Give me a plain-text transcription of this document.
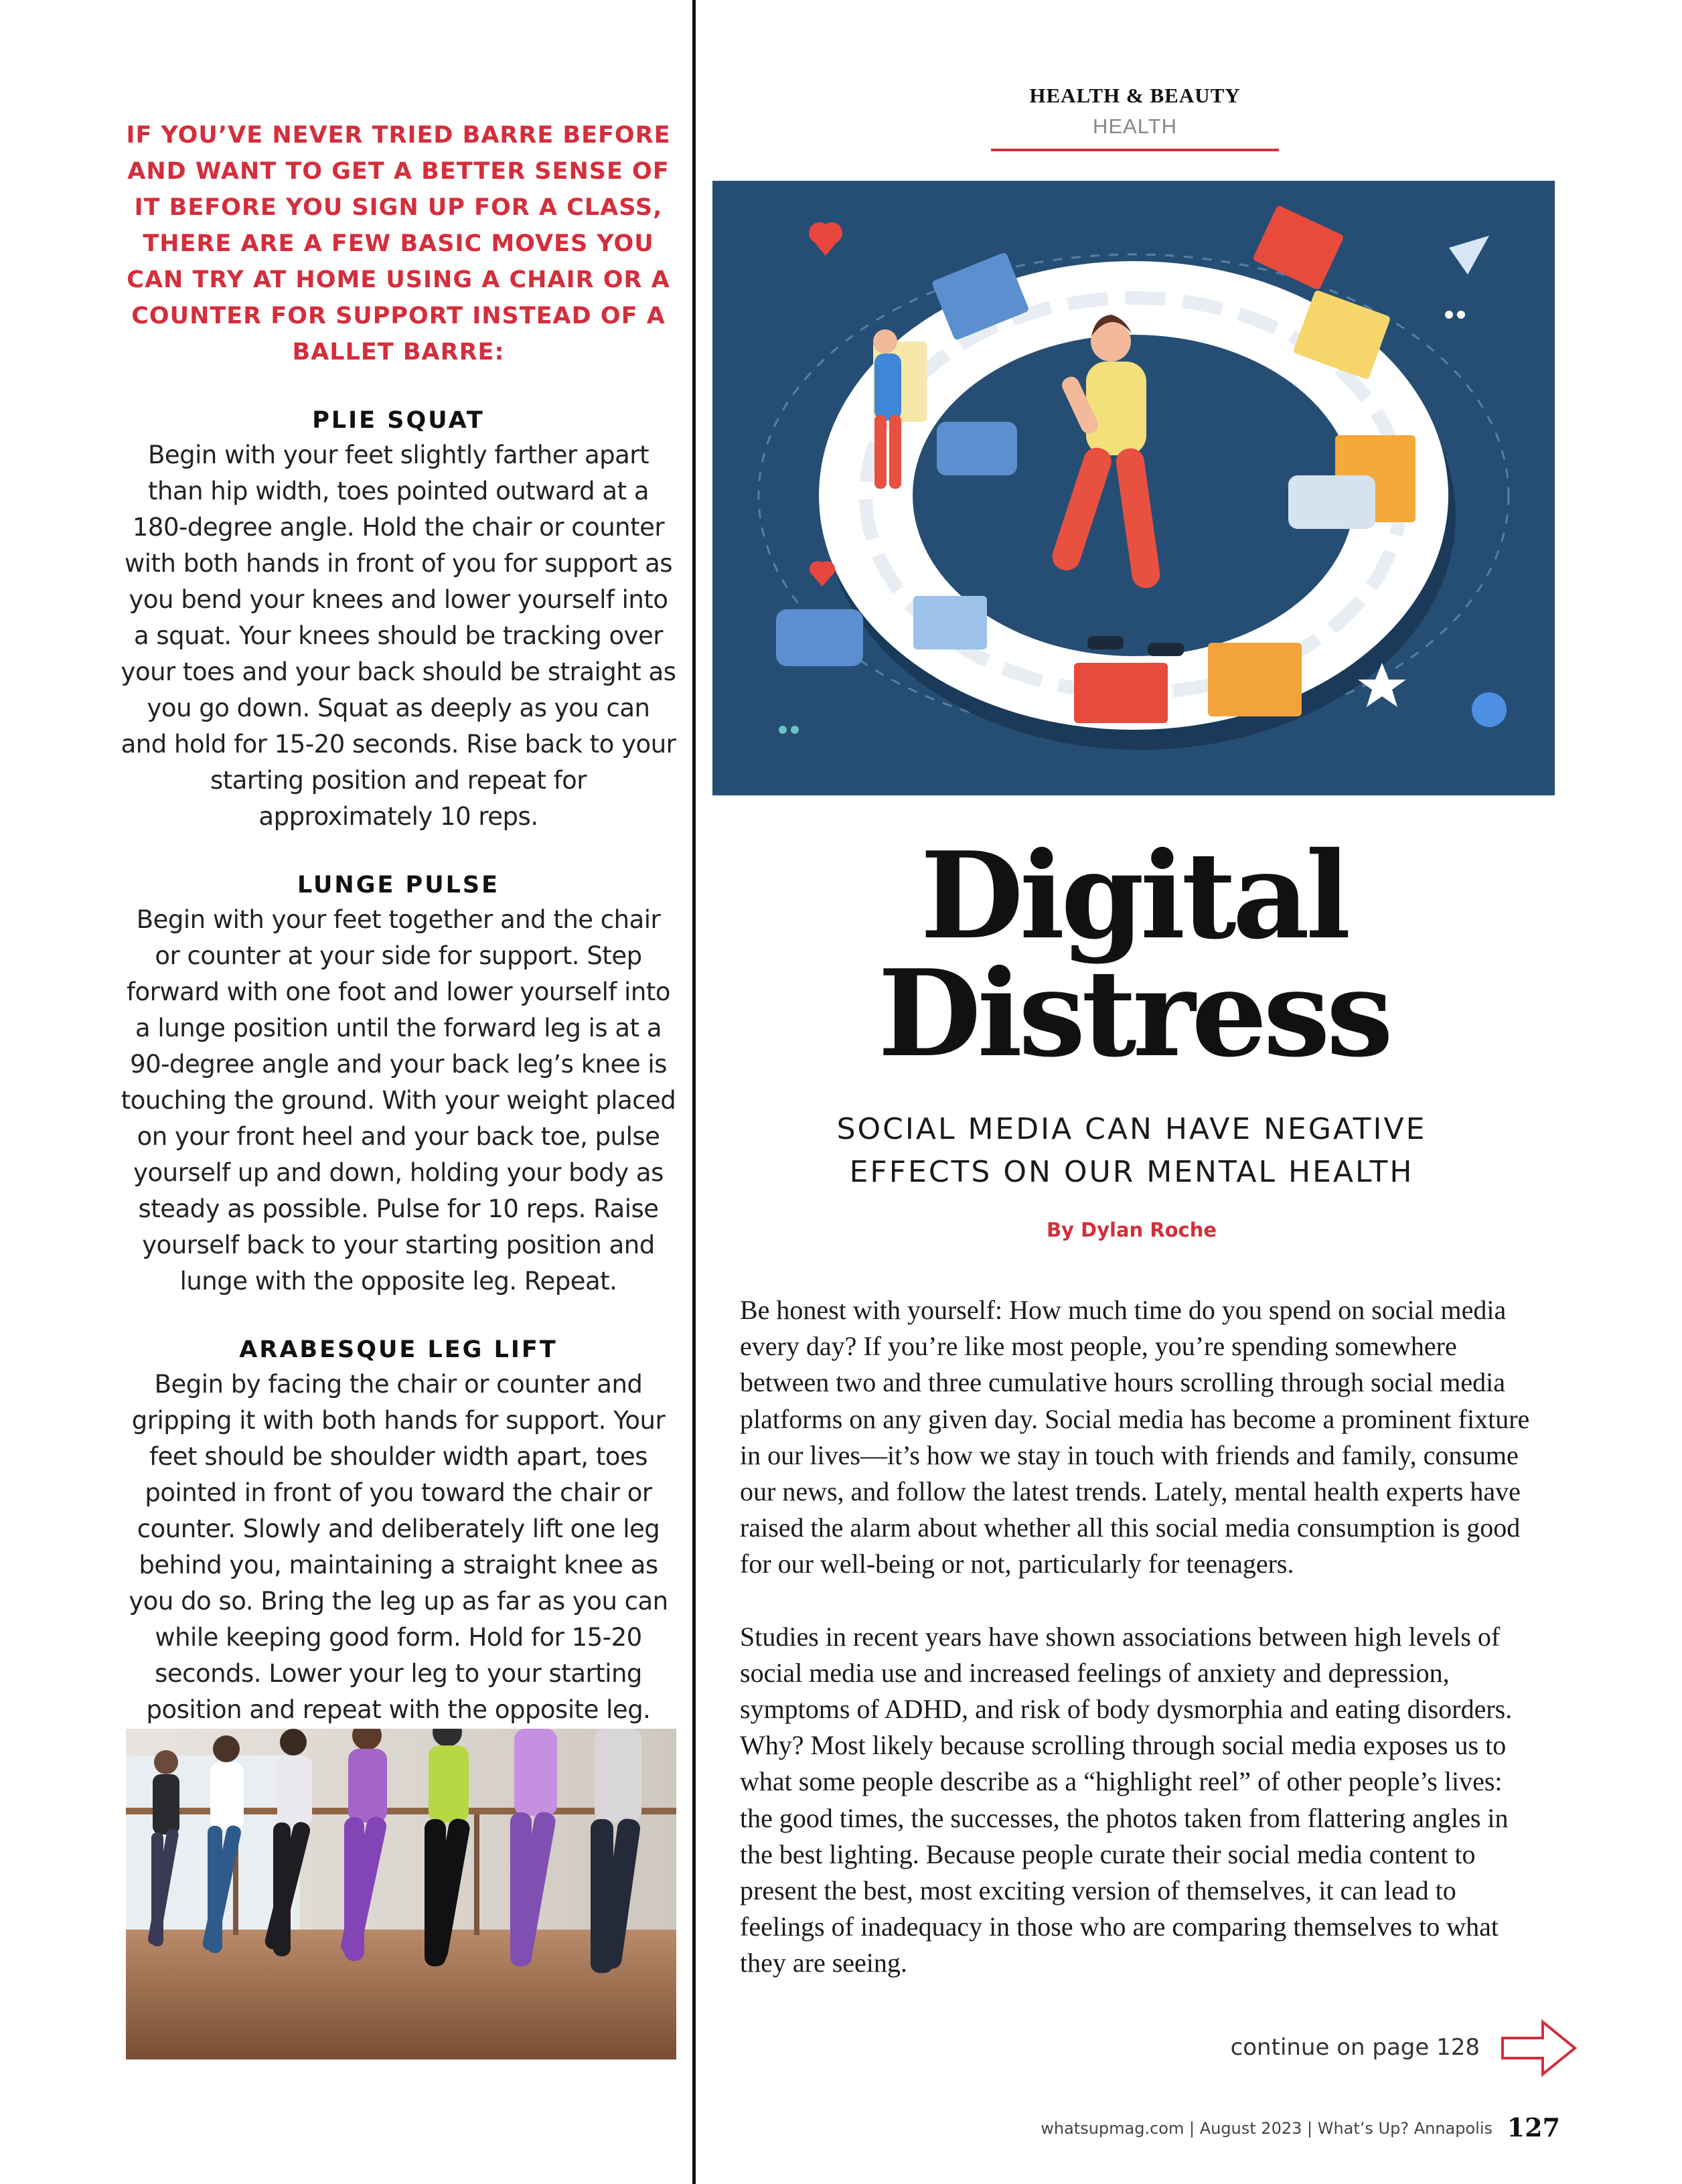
IF YOU’VE NEVER TRIED BARRE BEFORE AND WANT TO GET A BETTER SENSE OF IT BEFORE YOU SIGN UP FOR A CLASS, THERE ARE A FEW BASIC MOVES YOU CAN TRY AT HOME USING A CHAIR OR A COUNTER FOR SUPPORT INSTEAD OF A BALLET BARRE:
PLIE SQUAT
Begin with your feet slightly farther apart than hip width, toes pointed outward at a 180-degree angle. Hold the chair or counter with both hands in front of you for support as you bend your knees and lower yourself into a squat. Your knees should be tracking over your toes and your back should be straight as you go down. Squat as deeply as you can and hold for 15-20 seconds. Rise back to your starting position and repeat for approximately 10 reps.
LUNGE PULSE
Begin with your feet together and the chair or counter at your side for support. Step forward with one foot and lower yourself into a lunge position until the forward leg is at a 90-degree angle and your back leg’s knee is touching the ground. With your weight placed on your front heel and your back toe, pulse yourself up and down, holding your body as steady as possible. Pulse for 10 reps. Raise yourself back to your starting position and lunge with the opposite leg. Repeat.
ARABESQUE LEG LIFT
Begin by facing the chair or counter and gripping it with both hands for support. Your feet should be shoulder width apart, toes pointed in front of you toward the chair or counter. Slowly and deliberately lift one leg behind you, maintaining a straight knee as you do so. Bring the leg up as far as you can while keeping good form. Hold for 15-20 seconds. Lower your leg to your starting position and repeat with the opposite leg.
HEALTH & BEAUTY HEALTH
Digital
Distress
SOCIAL MEDIA CAN HAVE NEGATIVE
EFFECTS ON OUR MENTAL HEALTH
By Dylan Roche

Be honest with yourself: How much time do you spend on social media every day? If you’re like most people, you’re spending somewhere between two and three cumulative hours scrolling through social media platforms on any given day. Social media has become a prominent fixture in our lives—it’s how we stay in touch with friends and family, consume our news, and follow the latest trends. Lately, mental health experts have raised the alarm about whether all this social media consumption is good for our well-being or not, particularly for teenagers.

Studies in recent years have shown associations between high levels of social media use and increased feelings of anxiety and depression, symptoms of ADHD, and risk of body dysmorphia and eating disorders. Why? Most likely because scrolling through social media exposes us to what some people describe as a “highlight reel” of other people’s lives: the good times, the successes, the photos taken from flattering angles in the best lighting. Because people curate their social media content to present the best, most exciting version of themselves, it can lead to feelings of inadequacy in those who are comparing themselves to what they are seeing.

continue on page 128
whatsupmag.com | August 2023 | What’s Up? Annapolis 127
